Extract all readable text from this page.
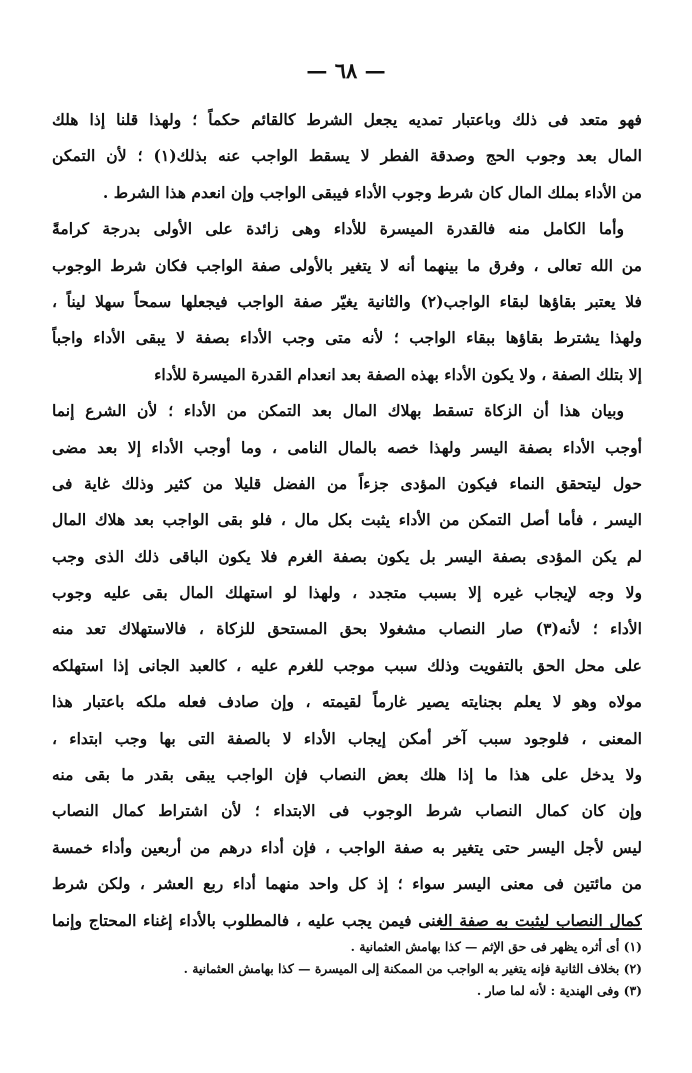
— ٦٨ —
فهو متعد فى ذلك وباعتبار تمديه يجعل الشرط كالقائم حكماً ؛ ولهذا قلنا إذا هلك
المال بعد وجوب الحج وصدقة الفطر لا يسقط الواجب عنه بذلك(١) ؛ لأن التمكن
من الأداء بملك المال كان شرط وجوب الأداء فيبقى الواجب وإن انعدم هذا الشرط .
وأما الكامل منه فالقدرة الميسرة للأداء وهى زائدة على الأولى بدرجة كرامةً
من الله تعالى ، وفرق ما بينهما أنه لا يتغير بالأولى صفة الواجب فكان شرط الوجوب
فلا يعتبر بقاؤها لبقاء الواجب(٢) والثانية يغيّر صفة الواجب فيجعلها سمحاً سهلا ليناً ،
ولهذا يشترط بقاؤها ببقاء الواجب ؛ لأنه متى وجب الأداء بصفة لا يبقى الأداء واجباً
إلا بتلك الصفة ، ولا يكون الأداء بهذه الصفة بعد انعدام القدرة الميسرة للأداء
وبيان هذا أن الزكاة تسقط بهلاك المال بعد التمكن من الأداء ؛ لأن الشرع إنما
أوجب الأداء بصفة اليسر ولهذا خصه بالمال النامى ، وما أوجب الأداء إلا بعد مضى
حول ليتحقق النماء فيكون المؤدى جزءاً من الفضل قليلا من كثير وذلك غاية فى
اليسر ، فأما أصل التمكن من الأداء يثبت بكل مال ، فلو بقى الواجب بعد هلاك المال
لم يكن المؤدى بصفة اليسر بل يكون بصفة الغرم فلا يكون الباقى ذلك الذى وجب
ولا وجه لإيجاب غيره إلا بسبب متجدد ، ولهذا لو استهلك المال بقى عليه وجوب
الأداء ؛ لأنه(٣) صار النصاب مشغولا بحق المستحق للزكاة ، فالاستهلاك تعد منه
على محل الحق بالتفويت وذلك سبب موجب للغرم عليه ، كالعبد الجانى إذا استهلكه
مولاه وهو لا يعلم بجنايته يصير غارماً لقيمته ، وإن صادف فعله ملكه باعتبار هذا
المعنى ، فلوجود سبب آخر أمكن إيجاب الأداء لا بالصفة التى بها وجب ابتداء ،
ولا يدخل على هذا ما إذا هلك بعض النصاب فإن الواجب يبقى بقدر ما بقى منه
وإن كان كمال النصاب شرط الوجوب فى الابتداء ؛ لأن اشتراط كمال النصاب
ليس لأجل اليسر حتى يتغير به صفة الواجب ، فإن أداء درهم من أربعين وأداء خمسة
من مائتين فى معنى اليسر سواء ؛ إذ كل واحد منهما أداء ربع العشر ، ولكن شرط
كمال النصاب ليثبت به صفة الغنى فيمن يجب عليه ، فالمطلوب بالأداء إغناء المحتاج وإنما
(١) أى أثره يظهر فى حق الإثم — كذا بهامش العثمانية .
(٢) بخلاف الثانية فإنه يتغير به الواجب من الممكنة إلى الميسرة — كذا بهامش العثمانية .
(٣) وفى الهندية : لأنه لما صار .
